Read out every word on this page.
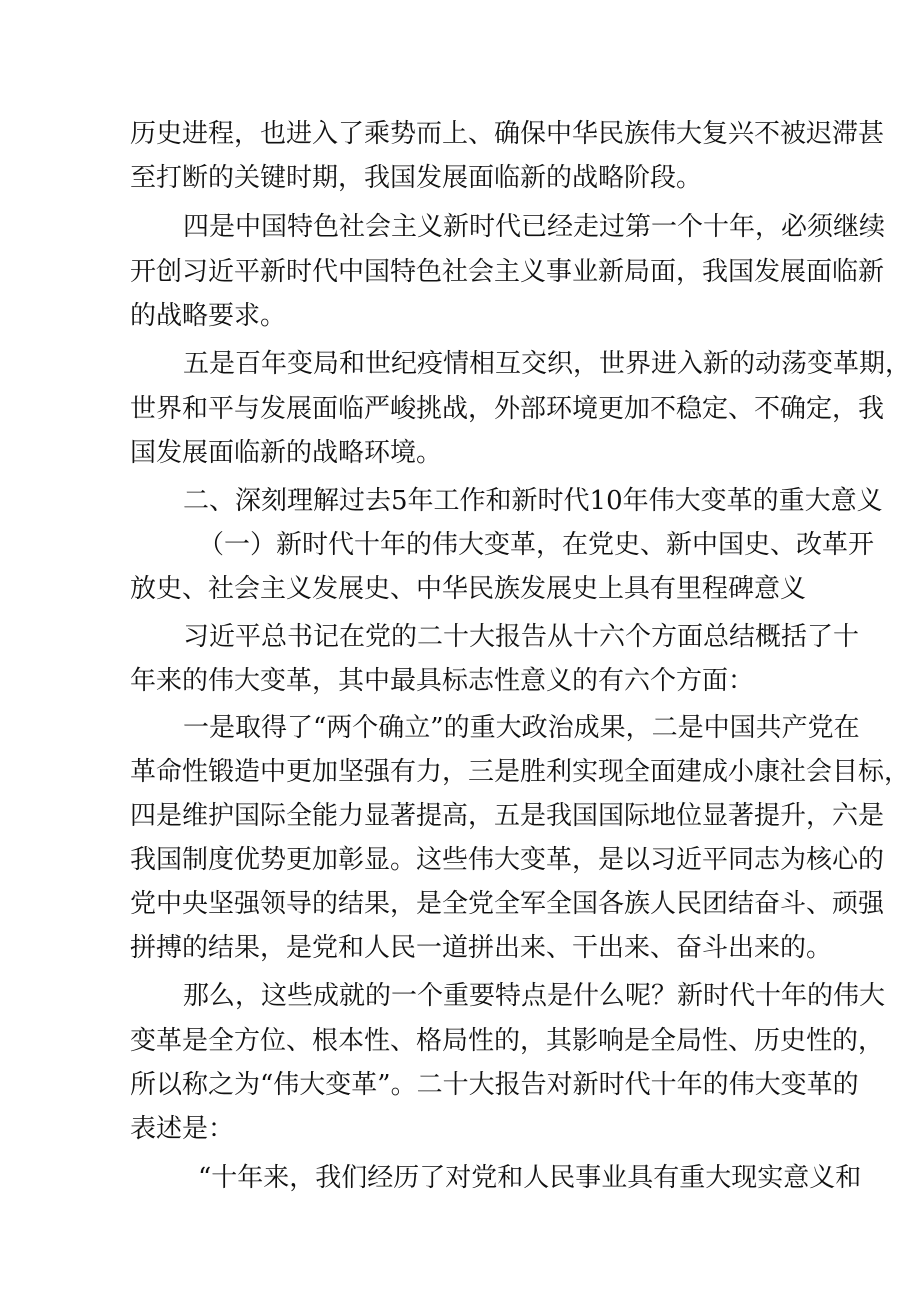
历史进程，也进入了乘势而上、确保中华民族伟大复兴不被迟滞甚
至打断的关键时期，我国发展面临新的战略阶段。
四是中国特色社会主义新时代已经走过第一个十年，必须继续
开创习近平新时代中国特色社会主义事业新局面，我国发展面临新
的战略要求。
五是百年变局和世纪疫情相互交织，世界进入新的动荡变革期，
世界和平与发展面临严峻挑战，外部环境更加不稳定、不确定，我
国发展面临新的战略环境。
二、深刻理解过去5年工作和新时代10年伟大变革的重大意义
（一）新时代十年的伟大变革，在党史、新中国史、改革开
放史、社会主义发展史、中华民族发展史上具有里程碑意义
习近平总书记在党的二十大报告从十六个方面总结概括了十
年来的伟大变革，其中最具标志性意义的有六个方面：
一是取得了“两个确立”的重大政治成果，二是中国共产党在
革命性锻造中更加坚强有力，三是胜利实现全面建成小康社会目标，
四是维护国际全能力显著提高，五是我国国际地位显著提升，六是
我国制度优势更加彰显。这些伟大变革，是以习近平同志为核心的
党中央坚强领导的结果，是全党全军全国各族人民团结奋斗、顽强
拼搏的结果，是党和人民一道拼出来、干出来、奋斗出来的。
那么，这些成就的一个重要特点是什么呢？新时代十年的伟大
变革是全方位、根本性、格局性的，其影响是全局性、历史性的，
所以称之为“伟大变革”。二十大报告对新时代十年的伟大变革的
表述是：
“十年来，我们经历了对党和人民事业具有重大现实意义和
